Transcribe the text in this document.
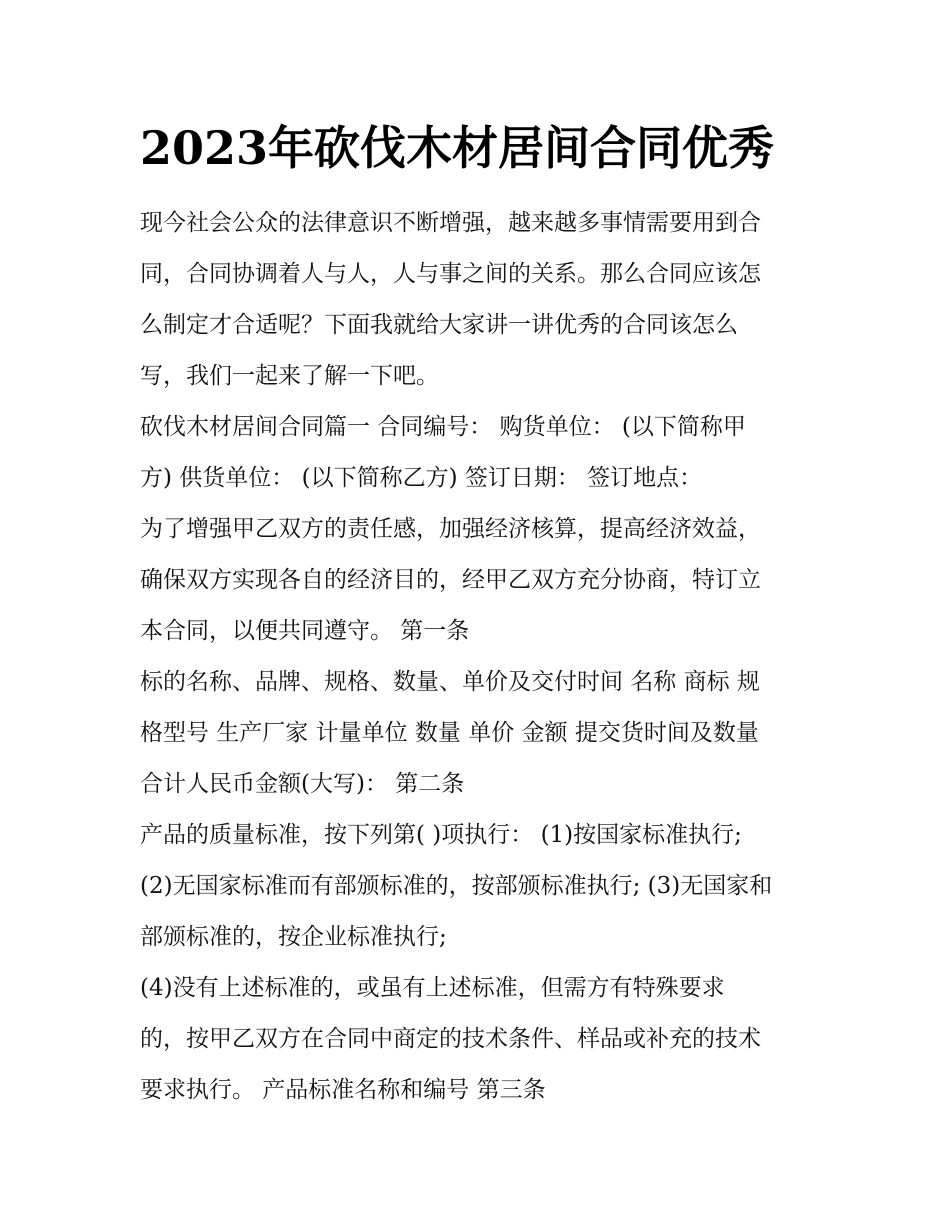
2023年砍伐木材居间合同优秀
现今社会公众的法律意识不断增强，越来越多事情需要用到合
同，合同协调着人与人，人与事之间的关系。那么合同应该怎
么制定才合适呢？下面我就给大家讲一讲优秀的合同该怎么
写，我们一起来了解一下吧。
砍伐木材居间合同篇一 合同编号： 购货单位： (以下简称甲
方) 供货单位： (以下简称乙方) 签订日期： 签订地点：
为了增强甲乙双方的责任感，加强经济核算，提高经济效益，
确保双方实现各自的经济目的，经甲乙双方充分协商，特订立
本合同，以便共同遵守。 第一条
标的名称、品牌、规格、数量、单价及交付时间 名称 商标 规
格型号 生产厂家 计量单位 数量 单价 金额 提交货时间及数量
合计人民币金额(大写)： 第二条
产品的质量标准，按下列第( )项执行： (1)按国家标准执行;
(2)无国家标准而有部颁标准的，按部颁标准执行; (3)无国家和
部颁标准的，按企业标准执行;
(4)没有上述标准的，或虽有上述标准，但需方有特殊要求
的，按甲乙双方在合同中商定的技术条件、样品或补充的技术
要求执行。 产品标准名称和编号 第三条
